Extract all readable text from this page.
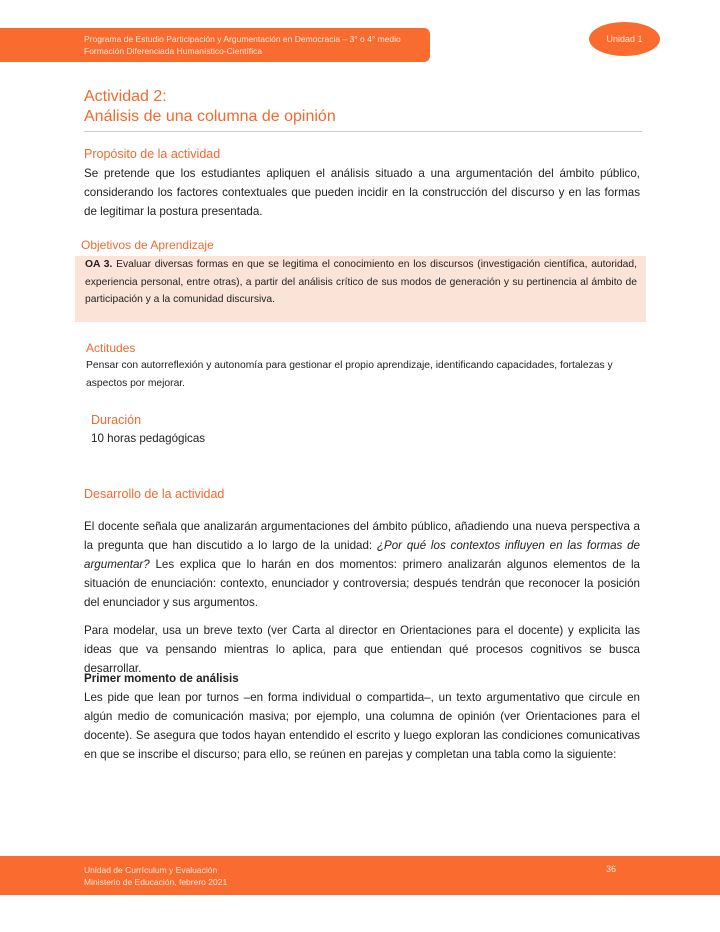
Programa de Estudio Participación y Argumentación en Democracia – 3° o 4° medio
Formación Diferenciada Humanístico-Científica
Unidad 1
Actividad 2:
Análisis de una columna de opinión
Propósito de la actividad
Se pretende que los estudiantes apliquen el análisis situado a una argumentación del ámbito público, considerando los factores contextuales que pueden incidir en la construcción del discurso y en las formas de legitimar la postura presentada.
Objetivos de Aprendizaje
OA 3. Evaluar diversas formas en que se legitima el conocimiento en los discursos (investigación científica, autoridad, experiencia personal, entre otras), a partir del análisis crítico de sus modos de generación y su pertinencia al ámbito de participación y a la comunidad discursiva.
Actitudes
Pensar con autorreflexión y autonomía para gestionar el propio aprendizaje, identificando capacidades, fortalezas y aspectos por mejorar.
Duración
10 horas pedagógicas
Desarrollo de la actividad
El docente señala que analizarán argumentaciones del ámbito público, añadiendo una nueva perspectiva a la pregunta que han discutido a lo largo de la unidad: ¿Por qué los contextos influyen en las formas de argumentar? Les explica que lo harán en dos momentos: primero analizarán algunos elementos de la situación de enunciación: contexto, enunciador y controversia; después tendrán que reconocer la posición del enunciador y sus argumentos.
Para modelar, usa un breve texto (ver Carta al director en Orientaciones para el docente) y explicita las ideas que va pensando mientras lo aplica, para que entiendan qué procesos cognitivos se busca desarrollar.
Primer momento de análisis
Les pide que lean por turnos –en forma individual o compartida–, un texto argumentativo que circule en algún medio de comunicación masiva; por ejemplo, una columna de opinión (ver Orientaciones para el docente). Se asegura que todos hayan entendido el escrito y luego exploran las condiciones comunicativas en que se inscribe el discurso; para ello, se reúnen en parejas y completan una tabla como la siguiente:
Unidad de Currículum y Evaluación
Ministerio de Educación, febrero 2021
36
